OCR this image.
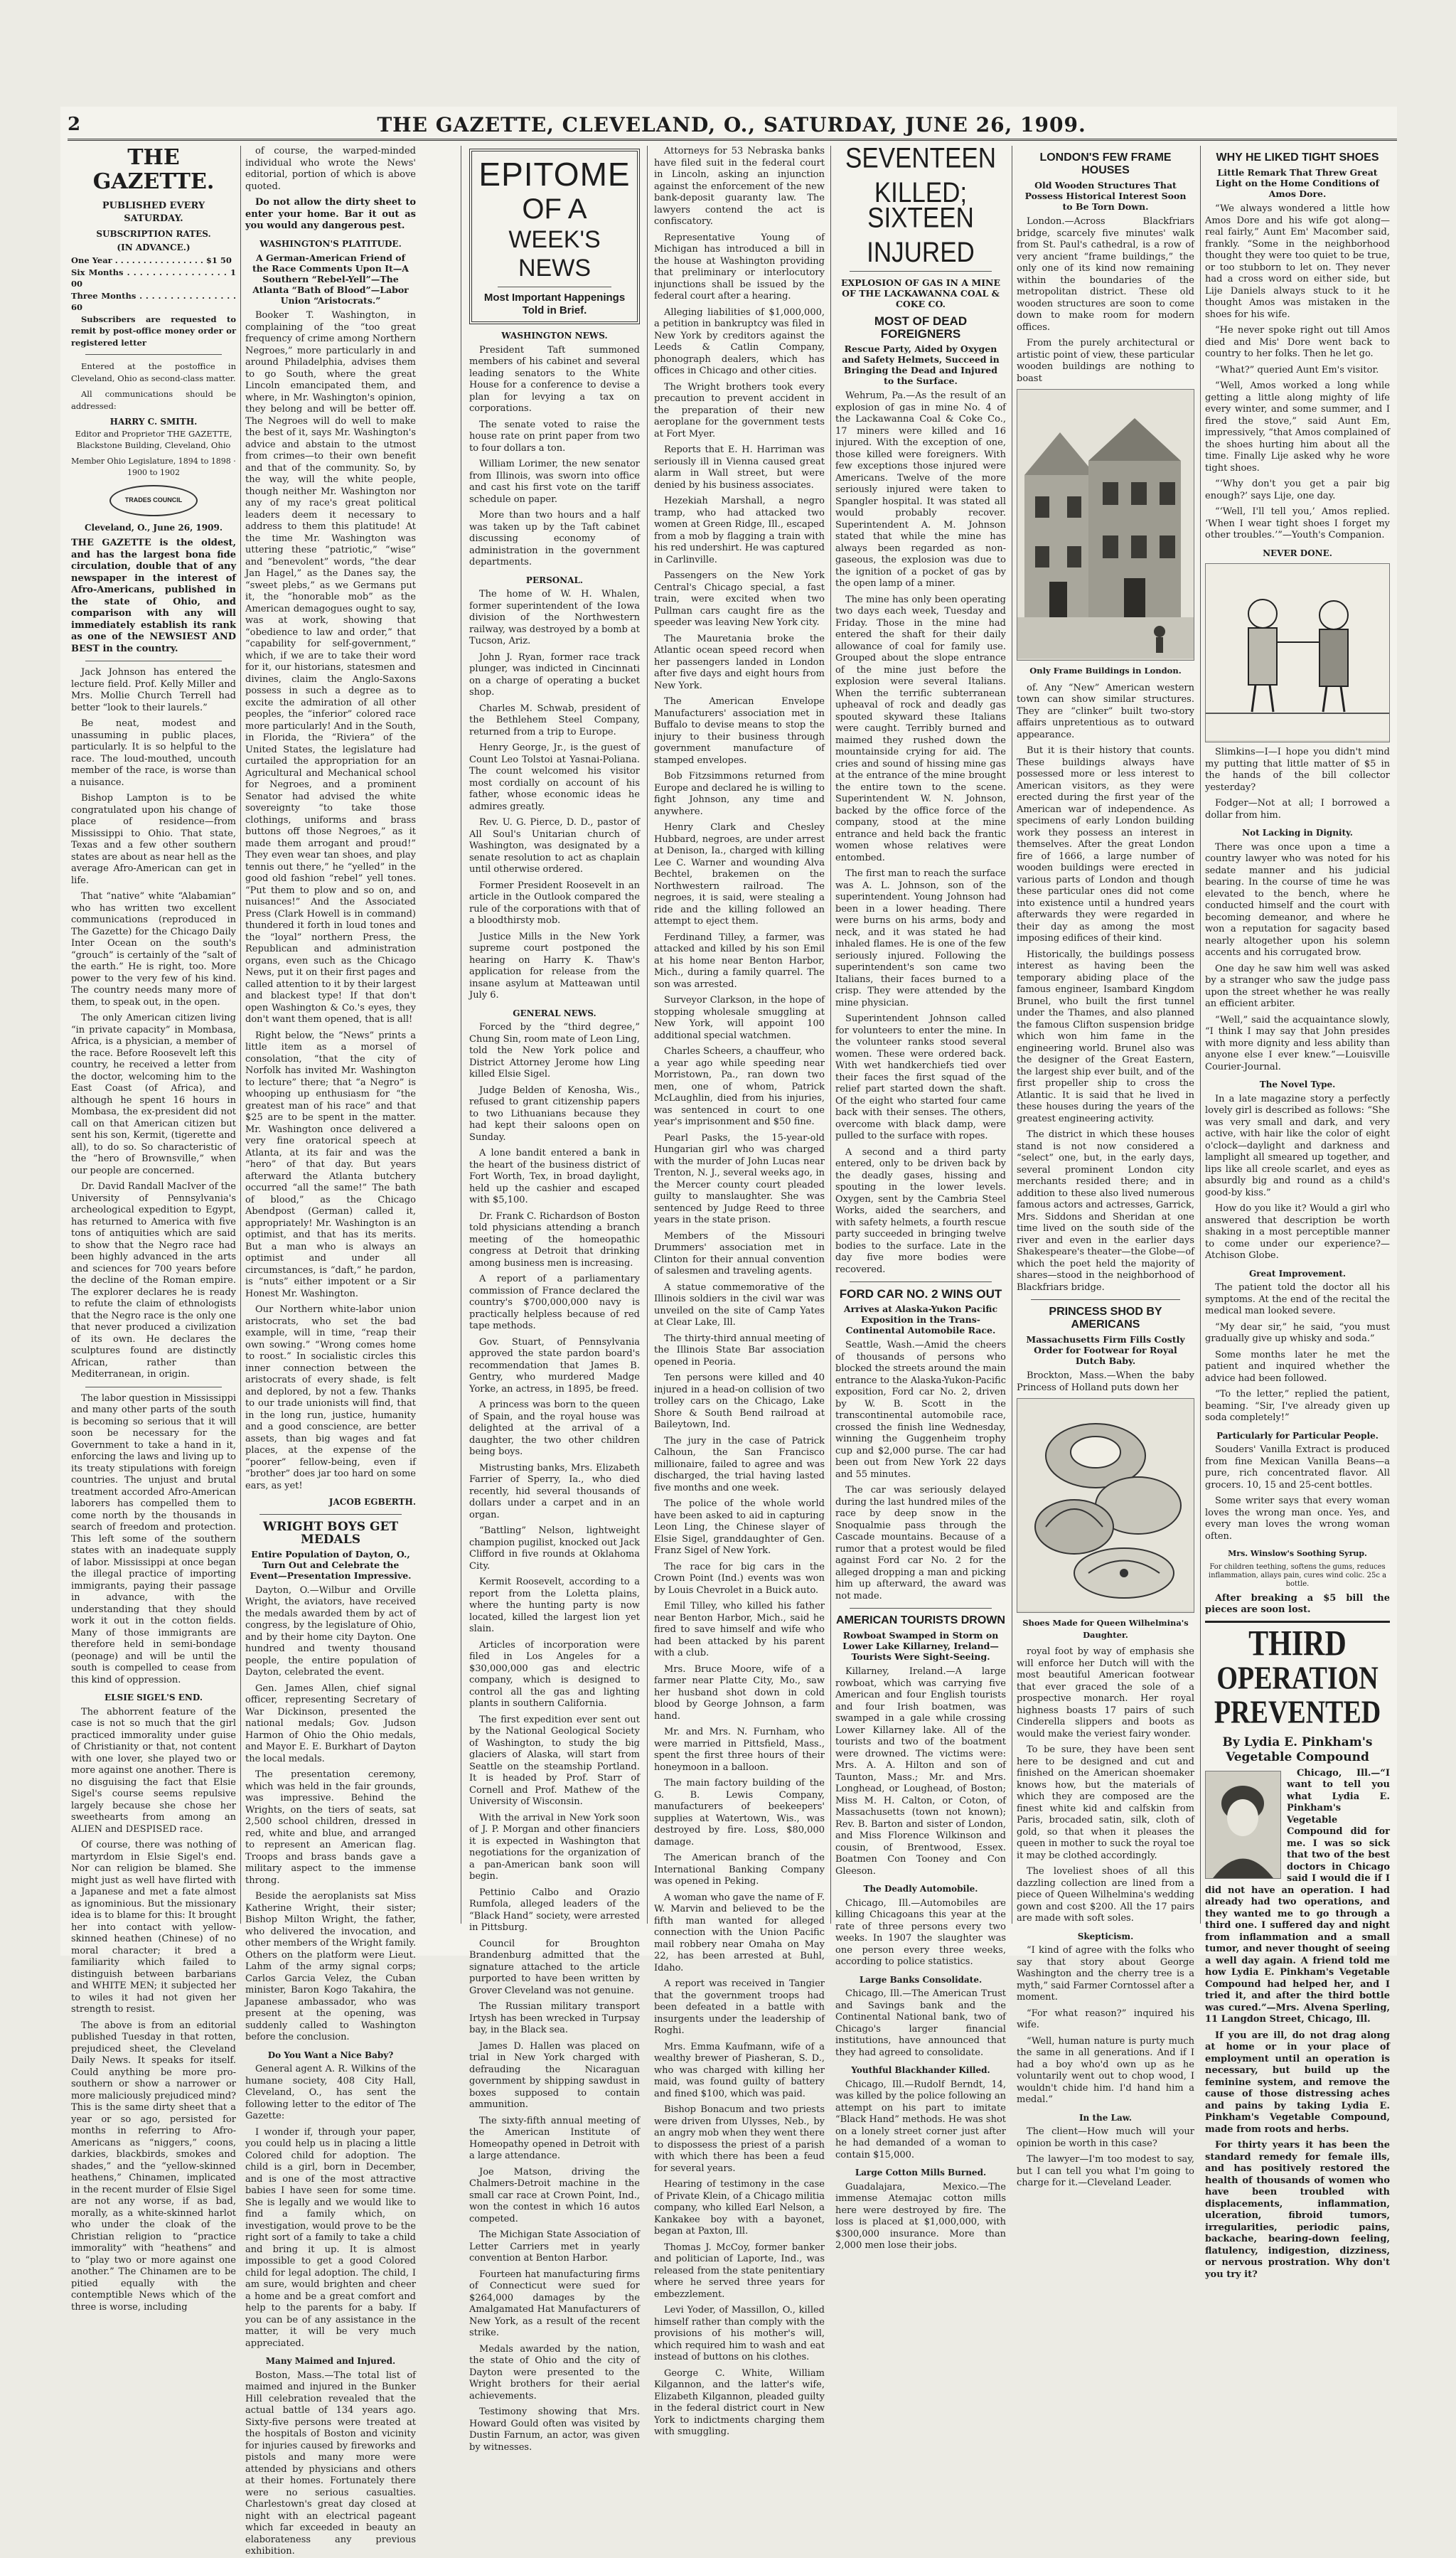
2	THE GAZETTE, CLEVELAND, O., SATURDAY, JUNE 26, 1909.
THE GAZETTE.
PUBLISHED EVERY SATURDAY.
SUBSCRIPTION RATES.
(IN ADVANCE.)
One Year . . . . . . . . . . . . . . . . $1 50
Six Months . . . . . . . . . . . . . . . . 1 00
Three Months . . . . . . . . . . . . . . . . 60

Subscribers are requested to remit by post-office money order or registered letter

Entered at the postoffice in Cleveland, Ohio as second-class matter.

All communications should be addressed:

HARRY C. SMITH.
Editor and Proprietor THE GAZETTE,
Blackstone Building, Cleveland, Ohio
Member Ohio Legislature, 1894 to 1898 · 1900 to 1902
TRADES COUNCIL
Cleveland, O., June 26, 1909.

THE GAZETTE is the oldest, and has the largest bona fide circulation, double that of any newspaper in the interest of Afro-Americans, published in the state of Ohio, and comparison with any will immediately establish its rank as one of the NEWSIEST AND BEST in the country.

Jack Johnson has entered the lecture field. Prof. Kelly Miller and Mrs. Mollie Church Terrell had better “look to their laurels.”

Be neat, modest and unassuming in public places, particularly. It is so helpful to the race. The loud-mouthed, uncouth member of the race, is worse than a nuisance.

Bishop Lampton is to be congratulated upon his change of place of residence—from Mississippi to Ohio. That state, Texas and a few other southern states are about as near hell as the average Afro-American can get in life.

That “native” white “Alabamian” who has written two excellent communications (reproduced in The Gazette) for the Chicago Daily Inter Ocean on the south's “grouch” is certainly of the “salt of the earth.” He is right, too. More power to the very few of his kind. The country needs many more of them, to speak out, in the open.

The only American citizen living “in private capacity” in Mombasa, Africa, is a physician, a member of the race. Before Roosevelt left this country, he received a letter from the doctor, welcoming him to the East Coast (of Africa), and although he spent 16 hours in Mombasa, the ex-president did not call on that American citizen but sent his son, Kermit, (tigerette and all), to do so. So characteristic of the “hero of Brownsville,” when our people are concerned.

Dr. David Randall MacIver of the University of Pennsylvania's archeological expedition to Egypt, has returned to America with five tons of antiquities which are said to show that the Negro race had been highly advanced in the arts and sciences for 700 years before the decline of the Roman empire. The explorer declares he is ready to refute the claim of ethnologists that the Negro race is the only one that never produced a civilization of its own. He declares the sculptures found are distinctly African, rather than Mediterranean, in origin.

The labor question in Mississippi and many other parts of the south is becoming so serious that it will soon be necessary for the Government to take a hand in it, enforcing the laws and living up to its treaty stipulations with foreign countries. The unjust and brutal treatment accorded Afro-American laborers has compelled them to come north by the thousands in search of freedom and protection. This left some of the southern states with an inadequate supply of labor. Mississippi at once began the illegal practice of importing immigrants, paying their passage in advance, with the understanding that they should work it out in the cotton fields. Many of those immigrants are therefore held in semi-bondage (peonage) and will be until the south is compelled to cease from this kind of oppression.

ELSIE SIGEL'S END.

The abhorrent feature of the case is not so much that the girl practiced immorality under guise of Christianity or that, not content with one lover, she played two or more against one another. There is no disguising the fact that Elsie Sigel's course seems repulsive largely because she chose her sweethearts from among an ALIEN and DESPISED race.

Of course, there was nothing of martyrdom in Elsie Sigel's end. Nor can religion be blamed. She might just as well have flirted with a Japanese and met a fate almost as ignominious. But the missionary idea is to blame for this: It brought her into contact with yellow-skinned heathen (Chinese) of no moral character; it bred a familiarity which failed to distinguish between barbarians and WHITE MEN; it subjected her to wiles it had not given her strength to resist.

The above is from an editorial published Tuesday in that rotten, prejudiced sheet, the Cleveland Daily News. It speaks for itself. Could anything be more pro-southern or show a narrower or more maliciously prejudiced mind? This is the same dirty sheet that a year or so ago, persisted for months in referring to Afro-Americans as “niggers,” coons, darkies, blackbirds, smokes and shades,” and the “yellow-skinned heathens,” Chinamen, implicated in the recent murder of Elsie Sigel are not any worse, if as bad, morally, as a white-skinned harlot who under the cloak of the Christian religion to “practice immorality” with “heathens” and to “play two or more against one another.” The Chinamen are to be pitied equally with the contemptible News which of the three is worse, including

of course, the warped-minded individual who wrote the News' editorial, portion of which is above quoted.

Do not allow the dirty sheet to enter your home. Bar it out as you would any dangerous pest.

WASHINGTON'S PLATITUDE.
A German-American Friend of the Race Comments Upon It—A Southern “Rebel-Yell”—The Atlanta “Bath of Blood”—Labor Union “Aristocrats.”

Booker T. Washington, in complaining of the “too great frequency of crime among Northern Negroes,” more particularly in and around Philadelphia, advises them to go South, where the great Lincoln emancipated them, and where, in Mr. Washington's opinion, they belong and will be better off. The Negroes will do well to make the best of it, says Mr. Washington's advice and abstain to the utmost from crimes—to their own benefit and that of the community. So, by the way, will the white people, though neither Mr. Washington nor any of my race's great political leaders deem it necessary to address to them this platitude! At the time Mr. Washington was uttering these “patriotic,” “wise” and “benevolent” words, “the dear Jan Hagel,” as the Danes say, the “sweet plebs,” as we Germans put it, the “honorable mob” as the American demagogues ought to say, was at work, showing that “obedience to law and order,” that “capability for self-government,” which, if we are to take their word for it, our historians, statesmen and divines, claim the Anglo-Saxons possess in such a degree as to excite the admiration of all other peoples, the “inferior” colored race more particularly! And in the South, in Florida, the “Riviera” of the United States, the legislature had curtailed the appropriation for an Agricultural and Mechanical school for Negroes, and a prominent Senator had advised the white sovereignty “to take those clothings, uniforms and brass buttons off those Negroes,” as it made them arrogant and proud!” They even wear tan shoes, and play tennis out there,” he “yelled” in the good old fashion “rebel” yell tones. “Put them to plow and so on, and nuisances!” And the Associated Press (Clark Howell is in command) thundered it forth in loud tones and the “loyal” northern Press, the Republican and administration organs, even such as the Chicago News, put it on their first pages and called attention to it by their largest and blackest type! If that don't open Washington & Co.'s eyes, they don't want them opened, that is all!

Right below, the “News” prints a little item as a morsel of consolation, “that the city of Norfolk has invited Mr. Washington to lecture” there; that “a Negro” is whooping up enthusiasm for “the greatest man of his race” and that $25 are to be spent in the matter. Mr. Washington once delivered a very fine oratorical speech at Atlanta, at its fair and was the “hero” of that day. But years afterward the Atlanta butchery occurred “all the same!” The bath of blood,” as the Chicago Abendpost (German) called it, appropriately! Mr. Washington is an optimist, and that has its merits. But a man who is always an optimist and under all circumstances, is “daft,” he pardon, is “nuts” either impotent or a Sir Honest Mr. Washington.

Our Northern white-labor union aristocrats, who set the bad example, will in time, “reap their own sowing.” “Wrong comes home to roost.” In socialistic circles this inner connection between the aristocrats of every shade, is felt and deplored, by not a few. Thanks to our trade unionists will find, that in the long run, justice, humanity and a good conscience, are better assets, than big wages and fat places, at the expense of the “poorer” fellow-being, even if “brother” does jar too hard on some ears, as yet!

JACOB EGBERTH.
WRIGHT BOYS GET MEDALS
Entire Population of Dayton, O., Turn Out and Celebrate the Event—Presentation Impressive.

Dayton, O.—Wilbur and Orville Wright, the aviators, have received the medals awarded them by act of congress, by the legislature of Ohio, and by their home city Dayton. One hundred and twenty thousand people, the entire population of Dayton, celebrated the event.

Gen. James Allen, chief signal officer, representing Secretary of War Dickinson, presented the national medals; Gov. Judson Harmon of Ohio the Ohio medals, and Mayor E. E. Burkhart of Dayton the local medals.

The presentation ceremony, which was held in the fair grounds, was impressive. Behind the Wrights, on the tiers of seats, sat 2,500 school children, dressed in red, white and blue, and arranged to represent an American flag. Troops and brass bands gave a military aspect to the immense throng.

Beside the aeroplanists sat Miss Katherine Wright, their sister; Bishop Milton Wright, the father, who delivered the invocation, and other members of the Wright family. Others on the platform were Lieut. Lahm of the army signal corps; Carlos Garcia Velez, the Cuban minister, Baron Kogo Takahira, the Japanese ambassador, who was present at the opening, was suddenly called to Washington before the conclusion.

Do You Want a Nice Baby?

General agent A. R. Wilkins of the humane society, 408 City Hall, Cleveland, O., has sent the following letter to the editor of The Gazette:

I wonder if, through your paper, you could help us in placing a little Colored child for adoption. The child is a girl, born in December, and is one of the most attractive babies I have seen for some time. She is legally and we would like to find a family which, on investigation, would prove to be the right sort of a family to take a child and bring it up. It is almost impossible to get a good Colored child for legal adoption. The child, I am sure, would brighten and cheer a home and be a great comfort and help to the parents for a baby. If you can be of any assistance in the matter, it will be very much appreciated.

Many Maimed and Injured.

Boston, Mass.—The total list of maimed and injured in the Bunker Hill celebration revealed that the actual battle of 134 years ago. Sixty-five persons were treated at the hospitals of Boston and vicinity for injuries caused by fireworks and pistols and many more were attended by physicians and others at their homes. Fortunately there were no serious casualties. Charlestown's great day closed at night with an electrical pageant which far exceeded in beauty an elaborateness any previous exhibition.

EPITOME
OF A
WEEK'S NEWS
Most Important Happenings Told in Brief.
WASHINGTON NEWS.

President Taft summoned members of his cabinet and several leading senators to the White House for a conference to devise a plan for levying a tax on corporations.

The senate voted to raise the house rate on print paper from two to four dollars a ton.

William Lorimer, the new senator from Illinois, was sworn into office and cast his first vote on the tariff schedule on paper.

More than two hours and a half was taken up by the Taft cabinet discussing economy of administration in the government departments.

PERSONAL.

The home of W. H. Whalen, former superintendent of the Iowa division of the Northwestern railway, was destroyed by a bomb at Tucson, Ariz.

John J. Ryan, former race track plunger, was indicted in Cincinnati on a charge of operating a bucket shop.

Charles M. Schwab, president of the Bethlehem Steel Company, returned from a trip to Europe.

Henry George, Jr., is the guest of Count Leo Tolstoi at Yasnai-Poliana. The count welcomed his visitor most cordially on account of his father, whose economic ideas he admires greatly.

Rev. U. G. Pierce, D. D., pastor of All Soul's Unitarian church of Washington, was designated by a senate resolution to act as chaplain until otherwise ordered.

Former President Roosevelt in an article in the Outlook compared the rule of the corporations with that of a bloodthirsty mob.

Justice Mills in the New York supreme court postponed the hearing on Harry K. Thaw's application for release from the insane asylum at Matteawan until July 6.

GENERAL NEWS.

Forced by the “third degree,” Chung Sin, room mate of Leon Ling, told the New York police and District Attorney Jerome how Ling killed Elsie Sigel.

Judge Belden of Kenosha, Wis., refused to grant citizenship papers to two Lithuanians because they had kept their saloons open on Sunday.

A lone bandit entered a bank in the heart of the business district of Fort Worth, Tex, in broad daylight, held up the cashier and escaped with $5,100.

Dr. Frank C. Richardson of Boston told physicians attending a branch meeting of the homeopathic congress at Detroit that drinking among business men is increasing.

A report of a parliamentary commission of France declared the country's $700,000,000 navy is practically helpless because of red tape methods.

Gov. Stuart, of Pennsylvania approved the state pardon board's recommendation that James B. Gentry, who murdered Madge Yorke, an actress, in 1895, be freed.

A princess was born to the queen of Spain, and the royal house was delighted at the arrival of a daughter, the two other children being boys.

Mistrusting banks, Mrs. Elizabeth Farrier of Sperry, Ia., who died recently, hid several thousands of dollars under a carpet and in an organ.

“Battling” Nelson, lightweight champion pugilist, knocked out Jack Clifford in five rounds at Oklahoma City.

Kermit Roosevelt, according to a report from the Loletta plains, where the hunting party is now located, killed the largest lion yet slain.

Articles of incorporation were filed in Los Angeles for a $30,000,000 gas and electric company, which is designed to control all the gas and lighting plants in southern California.

The first expedition ever sent out by the National Geological Society of Washington, to study the big glaciers of Alaska, will start from Seattle on the steamship Portland. It is headed by Prof. Starr of Cornell and Prof. Mathew of the University of Wisconsin.

With the arrival in New York soon of J. P. Morgan and other financiers it is expected in Washington that negotiations for the organization of a pan-American bank soon will begin.

Pettinio Calbo and Orazio Rumfola, alleged leaders of the “Black Hand” society, were arrested in Pittsburg.

Council for Broughton Brandenburg admitted that the signature attached to the article purported to have been written by Grover Cleveland was not genuine.

The Russian military transport Irtysh has been wrecked in Turpsay bay, in the Black sea.

James D. Hallen was placed on trial in New York charged with defrauding the Nicaraguan government by shipping sawdust in boxes supposed to contain ammunition.

The sixty-fifth annual meeting of the American Institute of Homeopathy opened in Detroit with a large attendance.

Joe Matson, driving the Chalmers-Detroit machine in the small car race at Crown Point, Ind., won the contest in which 16 autos competed.

The Michigan State Association of Letter Carriers met in yearly convention at Benton Harbor.

Fourteen hat manufacturing firms of Connecticut were sued for $264,000 damages by the Amalgamated Hat Manufacturers of New York, as a result of the recent strike.

Medals awarded by the nation, the state of Ohio and the city of Dayton were presented to the Wright brothers for their aerial achievements.

Testimony showing that Mrs. Howard Gould often was visited by Dustin Farnum, an actor, was given by witnesses.

Attorneys for 53 Nebraska banks have filed suit in the federal court in Lincoln, asking an injunction against the enforcement of the new bank-deposit guaranty law. The lawyers contend the act is confiscatory.

Representative Young of Michigan has introduced a bill in the house at Washington providing that preliminary or interlocutory injunctions shall be issued by the federal court after a hearing.

Alleging liabilities of $1,000,000, a petition in bankruptcy was filed in New York by creditors against the Leeds & Catlin Company, phonograph dealers, which has offices in Chicago and other cities.

The Wright brothers took every precaution to prevent accident in the preparation of their new aeroplane for the government tests at Fort Myer.

Reports that E. H. Harriman was seriously ill in Vienna caused great alarm in Wall street, but were denied by his business associates.

Hezekiah Marshall, a negro tramp, who had attacked two women at Green Ridge, Ill., escaped from a mob by flagging a train with his red undershirt. He was captured in Carlinville.

Passengers on the New York Central's Chicago special, a fast train, were excited when two Pullman cars caught fire as the speeder was leaving New York city.

The Mauretania broke the Atlantic ocean speed record when her passengers landed in London after five days and eight hours from New York.

The American Envelope Manufacturers' association met in Buffalo to devise means to stop the injury to their business through government manufacture of stamped envelopes.

Bob Fitzsimmons returned from Europe and declared he is willing to fight Johnson, any time and anywhere.

Henry Clark and Chesley Hubbard, negroes, are under arrest at Denison, Ia., charged with killing Lee C. Warner and wounding Alva Bechtel, brakemen on the Northwestern railroad. The negroes, it is said, were stealing a ride and the killing followed an attempt to eject them.

Ferdinand Tilley, a farmer, was attacked and killed by his son Emil at his home near Benton Harbor, Mich., during a family quarrel. The son was arrested.

Surveyor Clarkson, in the hope of stopping wholesale smuggling at New York, will appoint 100 additional special watchmen.

Charles Scheers, a chauffeur, who a year ago while speeding near Morristown, Pa., ran down two men, one of whom, Patrick McLaughlin, died from his injuries, was sentenced in court to one year's imprisonment and $50 fine.

Pearl Pasks, the 15-year-old Hungarian girl who was charged with the murder of John Lucas near Trenton, N. J., several weeks ago, in the Mercer county court pleaded guilty to manslaughter. She was sentenced by Judge Reed to three years in the state prison.

Members of the Missouri Drummers' association met in Clinton for their annual convention of salesmen and traveling agents.

A statue commemorative of the Illinois soldiers in the civil war was unveiled on the site of Camp Yates at Clear Lake, Ill.

The thirty-third annual meeting of the Illinois State Bar association opened in Peoria.

Ten persons were killed and 40 injured in a head-on collision of two trolley cars on the Chicago, Lake Shore & South Bend railroad at Baileytown, Ind.

The jury in the case of Patrick Calhoun, the San Francisco millionaire, failed to agree and was discharged, the trial having lasted five months and one week.

The police of the whole world have been asked to aid in capturing Leon Ling, the Chinese slayer of Elsie Sigel, granddaughter of Gen. Franz Sigel of New York.

The race for big cars in the Crown Point (Ind.) events was won by Louis Chevrolet in a Buick auto.

Emil Tilley, who killed his father near Benton Harbor, Mich., said he fired to save himself and wife who had been attacked by his parent with a club.

Mrs. Bruce Moore, wife of a farmer near Platte City, Mo., saw her husband shot down in cold blood by George Johnson, a farm hand.

Mr. and Mrs. N. Furnham, who were married in Pittsfield, Mass., spent the first three hours of their honeymoon in a balloon.

The main factory building of the G. B. Lewis Company, manufacturers of beekeepers' supplies at Watertown, Wis., was destroyed by fire. Loss, $80,000 damage.

The American branch of the International Banking Company was opened in Peking.

A woman who gave the name of F. W. Marvin and believed to be the fifth man wanted for alleged connection with the Union Pacific mail robbery near Omaha on May 22, has been arrested at Buhl, Idaho.

A report was received in Tangier that the government troops had been defeated in a battle with insurgents under the leadership of Roghi.

Mrs. Emma Kaufmann, wife of a wealthy brewer of Piasheran, S. D., who was charged with killing her maid, was found guilty of battery and fined $100, which was paid.

Bishop Bonacum and two priests were driven from Ulysses, Neb., by an angry mob when they went there to dispossess the priest of a parish with which there has been a feud for several years.

Hearing of testimony in the case of Private Klein, of a Chicago militia company, who killed Earl Nelson, a Kankakee boy with a bayonet, began at Paxton, Ill.

Thomas J. McCoy, former banker and politician of Laporte, Ind., was released from the state penitentiary where he served three years for embezzlement.

Levi Yoder, of Massillon, O., killed himself rather than comply with the provisions of his mother's will, which required him to wash and eat instead of buttons on his clothes.

George C. White, William Kilgannon, and the latter's wife, Elizabeth Kilgannon, pleaded guilty in the federal district court in New York to indictments charging them with smuggling.

SEVENTEEN KILLED;
SIXTEEN INJURED
EXPLOSION OF GAS IN A MINE OF THE LACKAWANNA COAL & COKE CO.
MOST OF DEAD FOREIGNERS
Rescue Party, Aided by Oxygen and Safety Helmets, Succeed in Bringing the Dead and Injured to the Surface.

Wehrum, Pa.—As the result of an explosion of gas in mine No. 4 of the Lackawanna Coal & Coke Co., 17 miners were killed and 16 injured. With the exception of one, those killed were foreigners. With few exceptions those injured were Americans. Twelve of the more seriously injured were taken to Spangler hospital. It was stated all would probably recover. Superintendent A. M. Johnson stated that while the mine has always been regarded as non-gaseous, the explosion was due to the ignition of a pocket of gas by the open lamp of a miner.

The mine has only been operating two days each week, Tuesday and Friday. Those in the mine had entered the shaft for their daily allowance of coal for family use. Grouped about the slope entrance of the mine just before the explosion were several Italians. When the terrific subterranean upheaval of rock and deadly gas spouted skyward these Italians were caught. Terribly burned and maimed they rushed down the mountainside crying for aid. The cries and sound of hissing mine gas at the entrance of the mine brought the entire town to the scene. Superintendent W. N. Johnson, backed by the office force of the company, stood at the mine entrance and held back the frantic women whose relatives were entombed.

The first man to reach the surface was A. L. Johnson, son of the superintendent. Young Johnson had been in a lower heading. There were burns on his arms, body and neck, and it was stated he had inhaled flames. He is one of the few seriously injured. Following the superintendent's son came two Italians, their faces burned to a crisp. They were attended by the mine physician.

Superintendent Johnson called for volunteers to enter the mine. In the volunteer ranks stood several women. These were ordered back. With wet handkerchiefs tied over their faces the first squad of the relief part started down the shaft. Of the eight who started four came back with their senses. The others, overcome with black damp, were pulled to the surface with ropes.

A second and a third party entered, only to be driven back by the deadly gases, hissing and spouting in the lower levels. Oxygen, sent by the Cambria Steel Works, aided the searchers, and with safety helmets, a fourth rescue party succeeded in bringing twelve bodies to the surface. Late in the day five more bodies were recovered.

FORD CAR NO. 2 WINS OUT
Arrives at Alaska-Yukon Pacific Exposition in the Trans-Continental Automobile Race.

Seattle, Wash.—Amid the cheers of thousands of persons who blocked the streets around the main entrance to the Alaska-Yukon-Pacific exposition, Ford car No. 2, driven by W. B. Scott in the transcontinental automobile race, crossed the finish line Wednesday, winning the Guggenheim trophy cup and $2,000 purse. The car had been out from New York 22 days and 55 minutes.

The car was seriously delayed during the last hundred miles of the race by deep snow in the Snoqualmie pass through the Cascade mountains. Because of a rumor that a protest would be filed against Ford car No. 2 for the alleged dropping a man and picking him up afterward, the award was not made.

AMERICAN TOURISTS DROWN
Rowboat Swamped in Storm on Lower Lake Killarney, Ireland—Tourists Were Sight-Seeing.

Killarney, Ireland.—A large rowboat, which was carrying five American and four English tourists and four Irish boatmen, was swamped in a gale while crossing Lower Killarney lake. All of the tourists and two of the boatment were drowned. The victims were: Mrs. A. A. Hilton and son of Taunton, Mass.; Mr. and Mrs. Longhead, or Loughead, of Boston; Miss M. H. Calton, or Coton, of Massachusetts (town not known); Rev. B. Barton and sister of London, and Miss Florence Wilkinson and cousin, of Brentwood, Essex. Boatmen Con Tooney and Con Gleeson.

The Deadly Automobile.

Chicago, Ill.—Automobiles are killing Chicagoans this year at the rate of three persons every two weeks. In 1907 the slaughter was one person every three weeks, according to police statistics.

Large Banks Consolidate.

Chicago, Ill.—The American Trust and Savings bank and the Continental National bank, two of Chicago's larger financial institutions, have announced that they had agreed to consolidate.

Youthful Blackhander Killed.

Chicago, Ill.—Rudolf Berndt, 14, was killed by the police following an attempt on his part to imitate “Black Hand” methods. He was shot on a lonely street corner just after he had demanded of a woman to contain $15,000.

Large Cotton Mills Burned.

Guadalajara, Mexico.—The immense Atemajac cotton mills here were destroyed by fire. The loss is placed at $1,000,000, with $300,000 insurance. More than 2,000 men lose their jobs.

LONDON'S FEW FRAME HOUSES
Old Wooden Structures That Possess Historical Interest Soon to Be Torn Down.

London.—Across Blackfriars bridge, scarcely five minutes' walk from St. Paul's cathedral, is a row of very ancient “frame buildings,” the only one of its kind now remaining within the boundaries of the metropolitan district. These old wooden structures are soon to come down to make room for modern offices.

From the purely architectural or artistic point of view, these particular wooden buildings are nothing to boast

Only Frame Buildings in London.

of. Any “New” American western town can show similar structures. They are “clinker” built two-story affairs unpretentious as to outward appearance.

But it is their history that counts. These buildings always have possessed more or less interest to American visitors, as they were erected during the first year of the American war of independence. As specimens of early London building work they possess an interest in themselves. After the great London fire of 1666, a large number of wooden buildings were erected in various parts of London and though these particular ones did not come into existence until a hundred years afterwards they were regarded in their day as among the most imposing edifices of their kind.

Historically, the buildings possess interest as having been the temporary abiding place of the famous engineer, Isambard Kingdom Brunel, who built the first tunnel under the Thames, and also planned the famous Clifton suspension bridge which won him fame in the engineering world. Brunel also was the designer of the Great Eastern, the largest ship ever built, and of the first propeller ship to cross the Atlantic. It is said that he lived in these houses during the years of the greatest engineering activity.

The district in which these houses stand is not now considered a “select” one, but, in the early days, several prominent London city merchants resided there; and in addition to these also lived numerous famous actors and actresses, Garrick, Mrs. Siddons and Sheridan at one time lived on the south side of the river and even in the earlier days Shakespeare's theater—the Globe—of which the poet held the majority of shares—stood in the neighborhood of Blackfriars bridge.

PRINCESS SHOD BY AMERICANS
Massachusetts Firm Fills Costly Order for Footwear for Royal Dutch Baby.

Brockton, Mass.—When the baby Princess of Holland puts down her

Shoes Made for Queen Wilhelmina's Daughter.

royal foot by way of emphasis she will enforce her Dutch will with the most beautiful American footwear that ever graced the sole of a prospective monarch. Her royal highness boasts 17 pairs of such Cinderella slippers and boots as would make the veriest fairy wonder.

To be sure, they have been sent here to be designed and cut and finished on the American shoemaker knows how, but the materials of which they are composed are the finest white kid and calfskin from Paris, brocaded satin, silk, cloth of gold, so that when it pleases the queen in mother to suck the royal toe it may be clothed accordingly.

The loveliest shoes of all this dazzling collection are lined from a piece of Queen Wilhelmina's wedding gown and cost $200. All the 17 pairs are made with soft soles.

Skepticism.

“I kind of agree with the folks who say that story about George Washington and the cherry tree is a myth,” said Farmer Corntossel after a moment.

“For what reason?” inquired his wife.

“Well, human nature is purty much the same in all generations. And if I had a boy who'd own up as he voluntarily went out to chop wood, I wouldn't chide him. I'd hand him a medal.”

In the Law.

The client—How much will your opinion be worth in this case?

The lawyer—I'm too modest to say, but I can tell you what I'm going to charge for it.—Cleveland Leader.

WHY HE LIKED TIGHT SHOES
Little Remark That Threw Great Light on the Home Conditions of Amos Dore.

“We always wondered a little how Amos Dore and his wife got along—real fairly,” Aunt Em' Macomber said, frankly. “Some in the neighborhood thought they were too quiet to be true, or too stubborn to let on. They never had a cross word on either side, but Lije Daniels always stuck to it he thought Amos was mistaken in the shoes for his wife.

“He never spoke right out till Amos died and Mis' Dore went back to country to her folks. Then he let go.

“What?” queried Aunt Em's visitor.

“Well, Amos worked a long while getting a little along mighty of life every winter, and some summer, and I fired the stove,” said Aunt Em, impressively, “that Amos complained of the shoes hurting him about all the time. Finally Lije asked why he wore tight shoes.

“‘Why don't you get a pair big enough?’ says Lije, one day.

“‘Well, I'll tell you,’ Amos replied. ‘When I wear tight shoes I forget my other troubles.’”—Youth's Companion.

NEVER DONE.

Slimkins—I—I hope you didn't mind my putting that little matter of $5 in the hands of the bill collector yesterday?

Fodger—Not at all; I borrowed a dollar from him.

Not Lacking in Dignity.

There was once upon a time a country lawyer who was noted for his sedate manner and his judicial bearing. In the course of time he was elevated to the bench, where he conducted himself and the court with becoming demeanor, and where he won a reputation for sagacity based nearly altogether upon his solemn accents and his corrugated brow.

One day he saw him well was asked by a stranger who saw the judge pass upon the street whether he was really an efficient arbiter.

“Well,” said the acquaintance slowly, “I think I may say that John presides with more dignity and less ability than anyone else I ever knew.”—Louisville Courier-Journal.

The Novel Type.

In a late magazine story a perfectly lovely girl is described as follows: “She was very small and dark, and very active, with hair like the color of eight o'clock—daylight and darkness and lamplight all smeared up together, and lips like all creole scarlet, and eyes as absurdly big and round as a child's good-by kiss.”

How do you like it? Would a girl who answered that description be worth shaking in a most perceptible manner to come under our experience?—Atchison Globe.

Great Improvement.

The patient told the doctor all his symptoms. At the end of the recital the medical man looked severe.

“My dear sir,” he said, “you must gradually give up whisky and soda.”

Some months later he met the patient and inquired whether the advice had been followed.

“To the letter,” replied the patient, beaming. “Sir, I've already given up soda completely!”

Particularly for Particular People.

Souders' Vanilla Extract is produced from fine Mexican Vanilla Beans—a pure, rich concentrated flavor. All grocers. 10, 15 and 25-cent bottles.

Some writer says that every woman loves the wrong man once. Yes, and every man loves the wrong woman often.

Mrs. Winslow's Soothing Syrup.

For children teething, softens the gums, reduces inflammation, allays pain, cures wind colic. 25c a bottle.

After breaking a $5 bill the pieces are soon lost.

THIRD
OPERATION
PREVENTED
By Lydia E. Pinkham's Vegetable Compound

Chicago, Ill.—“I want to tell you what Lydia E. Pinkham's Vegetable Compound did for me. I was so sick that two of the best doctors in Chicago said I would die if I did not have an operation. I had already had two operations, and they wanted me to go through a third one. I suffered day and night from inflammation and a small tumor, and never thought of seeing a well day again. A friend told me how Lydia E. Pinkham's Vegetable Compound had helped her, and I tried it, and after the third bottle was cured.”—Mrs. Alvena Sperling, 11 Langdon Street, Chicago, Ill.

If you are ill, do not drag along at home or in your place of employment until an operation is necessary, but build up the feminine system, and remove the cause of those distressing aches and pains by taking Lydia E. Pinkham's Vegetable Compound, made from roots and herbs.

For thirty years it has been the standard remedy for female ills, and has positively restored the health of thousands of women who have been troubled with displacements, inflammation, ulceration, fibroid tumors, irregularities, periodic pains, backache, bearing-down feeling, flatulency, indigestion, dizziness, or nervous prostration. Why don't you try it?
